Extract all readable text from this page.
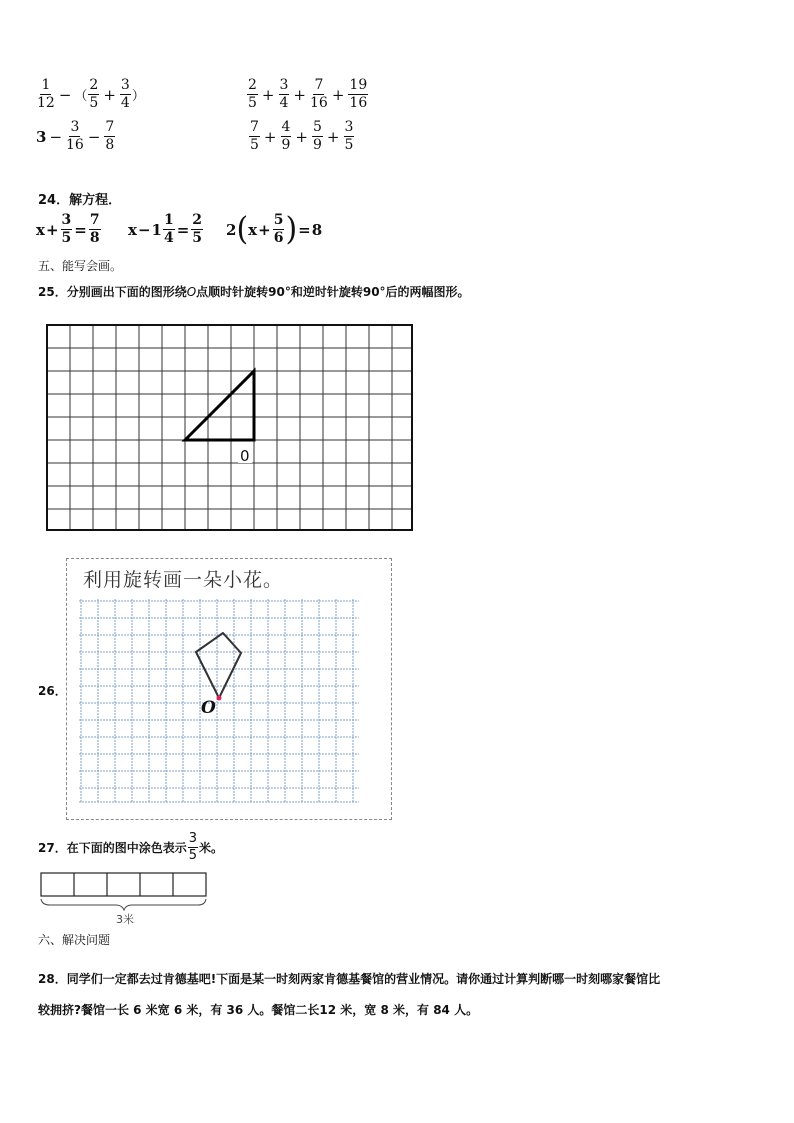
$\frac{1}{12}$ − （ $\frac{2}{5} + \frac{3}{4}$ ）	$\frac{2}{5} + \frac{3}{4} + \frac{7}{16} + \frac{19}{16}$
$3 - \frac{3}{16} - \frac{7}{8}$	$\frac{7}{5} + \frac{4}{9} + \frac{5}{9} + \frac{3}{5}$
24．解方程．
$x + \frac{3}{5} = \frac{7}{8}$ $x - 1 \frac{1}{4} = \frac{2}{5} 2$ ( $x + \frac{5}{6}$ ) = 8
五、能写会画。
25．分别画出下面的图形绕O点顺时针旋转90°和逆时针旋转90°后的两幅图形。
0
26．
利用旋转画一朵小花。
O
27．在下面的图中涂色表示 $\frac{3}{5}$ 米。
3米
六、解决问题
28．同学们一定都去过肯德基吧!下面是某一时刻两家肯德基餐馆的营业情况。请你通过计算判断哪一时刻哪家餐馆比
较拥挤?餐馆一长 6 米宽 6 米，有 36 人。餐馆二长12 米，宽 8 米，有 84 人。
